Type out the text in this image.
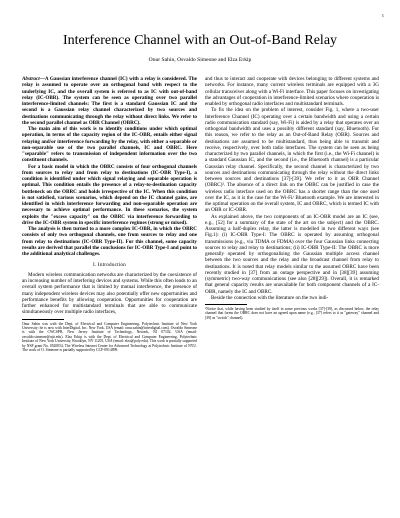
1
Interference Channel with an Out-of-Band Relay
Onur Sahin, Osvaldo Simeone and Elza Erkip

Abstract—A Gaussian interference channel (IC) with a relay is considered. The relay is assumed to operate over an orthogonal band with respect to the underlying IC, and the overall system is referred to as IC with out-of-band relay (IC-OBR). The system can be seen as operating over two parallel interference-limited channels: The first is a standard Gaussian IC and the second is a Gaussian relay channel characterized by two sources and destinations communicating through the relay without direct links. We refer to the second parallel channel as OBR Channel (OBRC).

The main aim of this work is to identify conditions under which optimal operation, in terms of the capacity region of the IC-OBR, entails either signal relaying and/or interference forwarding by the relay, with either a separable or non-separable use of the two parallel channels, IC and OBRC. Here "separable" refers to transmission of independent information over the two constituent channels.

For a basic model in which the OBRC consists of four orthogonal channels from sources to relay and from relay to destinations (IC-OBR Type-I), a condition is identified under which signal relaying and separable operation is optimal. This condition entails the presence of a relay-to-destination capacity bottleneck on the OBRC and holds irrespective of the IC. When this condition is not satisfied, various scenarios, which depend on the IC channel gains, are identified in which interference forwarding and non-separable operation are necessary to achieve optimal performance. In these scenarios, the system exploits the "excess capacity" on the OBRC via interference forwarding to drive the IC-OBR system in specific interference regimes (strong or mixed).

The analysis is then turned to a more complex IC-OBR, in which the OBRC consists of only two orthogonal channels, one from sources to relay and one from relay to destinations (IC-OBR Type-II). For this channel, some capacity results are derived that parallel the conclusions for IC-OBR Type-I and point to the additional analytical challenges.

I. Introduction

Modern wireless communication networks are characterized by the coexistence of an increasing number of interfering devices and systems. While this often leads to an overall system performance that is limited by mutual interference, the presence of many independent wireless devices may also potentially offer new opportunities and performance benefits by allowing cooperation. Opportunities for cooperation are further enhanced for multistandard terminals that are able to communicate simultaneously over multiple radio interfaces,

Onur Sahin was with the Dept. of Electrical and Computer Engineering, Polytechnic Institute of New York University; he is now with InterDigital, Inc. New York, USA (email: onur.sahin@interdigital.com). Osvaldo Simeone is with the CWCSPR, New Jersey Institute of Technology, Newark, NJ 07102, USA (email: osvaldo.simeone@njit.edu). Elza Erkip is with the Dept. of Electrical and Computer Engineering, Polytechnic Institute of New York University, Brooklyn, NY 11201, USA (email: elza@poly.edu). This work is partially supported by NSF grant No. 0520054, The Wireless Internet Center for Advanced Technology at Polytechnic Institute of NYU. The work of O. Simeone is partially supported by CCF-0914899.

and thus to interact and cooperate with devices belonging to different systems and networks. For instance, many current wireless terminals are equipped with a 3G cellular transceiver along with a Wi-Fi interface. This paper focuses on investigating the advantages of cooperation in interference-limited scenarios where cooperation is enabled by orthogonal radio interfaces and multistandard terminals.

To fix the idea on the problem of interest, consider Fig. 1, where a two-user Interference Channel (IC) operating over a certain bandwidth and using a certain radio communication standard (say, Wi-Fi) is aided by a relay that operates over an orthogonal bandwidth and uses a possibly different standard (say, Bluetooth). For this reason, we refer to the relay as an Out-of-Band Relay (OBR). Sources and destinations are assumed to be multistandard, thus being able to transmit and receive, respectively, over both radio interfaces. The system can be seen as being characterized by two parallel channels, in which the first (i.e., the Wi-Fi channel) is a standard Gaussian IC, and the second (i.e., the Bluetooth channel) is a particular Gaussian relay channel. Specifically, the second channel is characterized by two sources and destinations communicating through the relay without the direct links between sources and destinations [37]-[39]. We refer to it as OBR Channel (OBRC)¹. The absence of a direct link on the OBRC can be justified in case the wireless radio interface used on the OBRC has a shorter range than the one used over the IC, as it is the case for the Wi-Fi/ Bluetooth example. We are interested in the optimal operation on the overall system, IC and OBRC, which is termed IC with an OBR or IC-OBR.

As explained above, the two components of an IC-OBR model are an IC (see, e.g., [52] for a summary of the state of the art on the subject) and the OBRC. Assuming a half-duplex relay, the latter is modelled in two different ways (see Fig.1): (i) IC-OBR Type-I: The OBRC is operated by assuming orthogonal transmissions (e.g., via TDMA or FDMA) over the four Gaussian links connecting sources to relay and relay to destinations; (ii) IC-OBR Type-II: The OBRC is more generally operated by orthogonalising the Gaussian multiple access channel between the two sources and the relay and the broadcast channel from relay to destinations. It is noted that relay models similar to the assumed OBRC have been recently studied in [37] from an outage perspective and in [38][39] assuming (symmetric) two-way communications (see also [28][29]). Overall, it is remarked that general capacity results are unavailable for both component channels of a IC-OBR, namely the IC and OBRC.

Beside the connection with the literature on the two indi-

¹Notice that, while having been studied by itself in some previous works [37]-[39], as discussed below, the relay channel that forms the OBRC does not have an agreed upon name (e.g., [37] refers to it as "gateway" channel and [39] as "switch" channel).
